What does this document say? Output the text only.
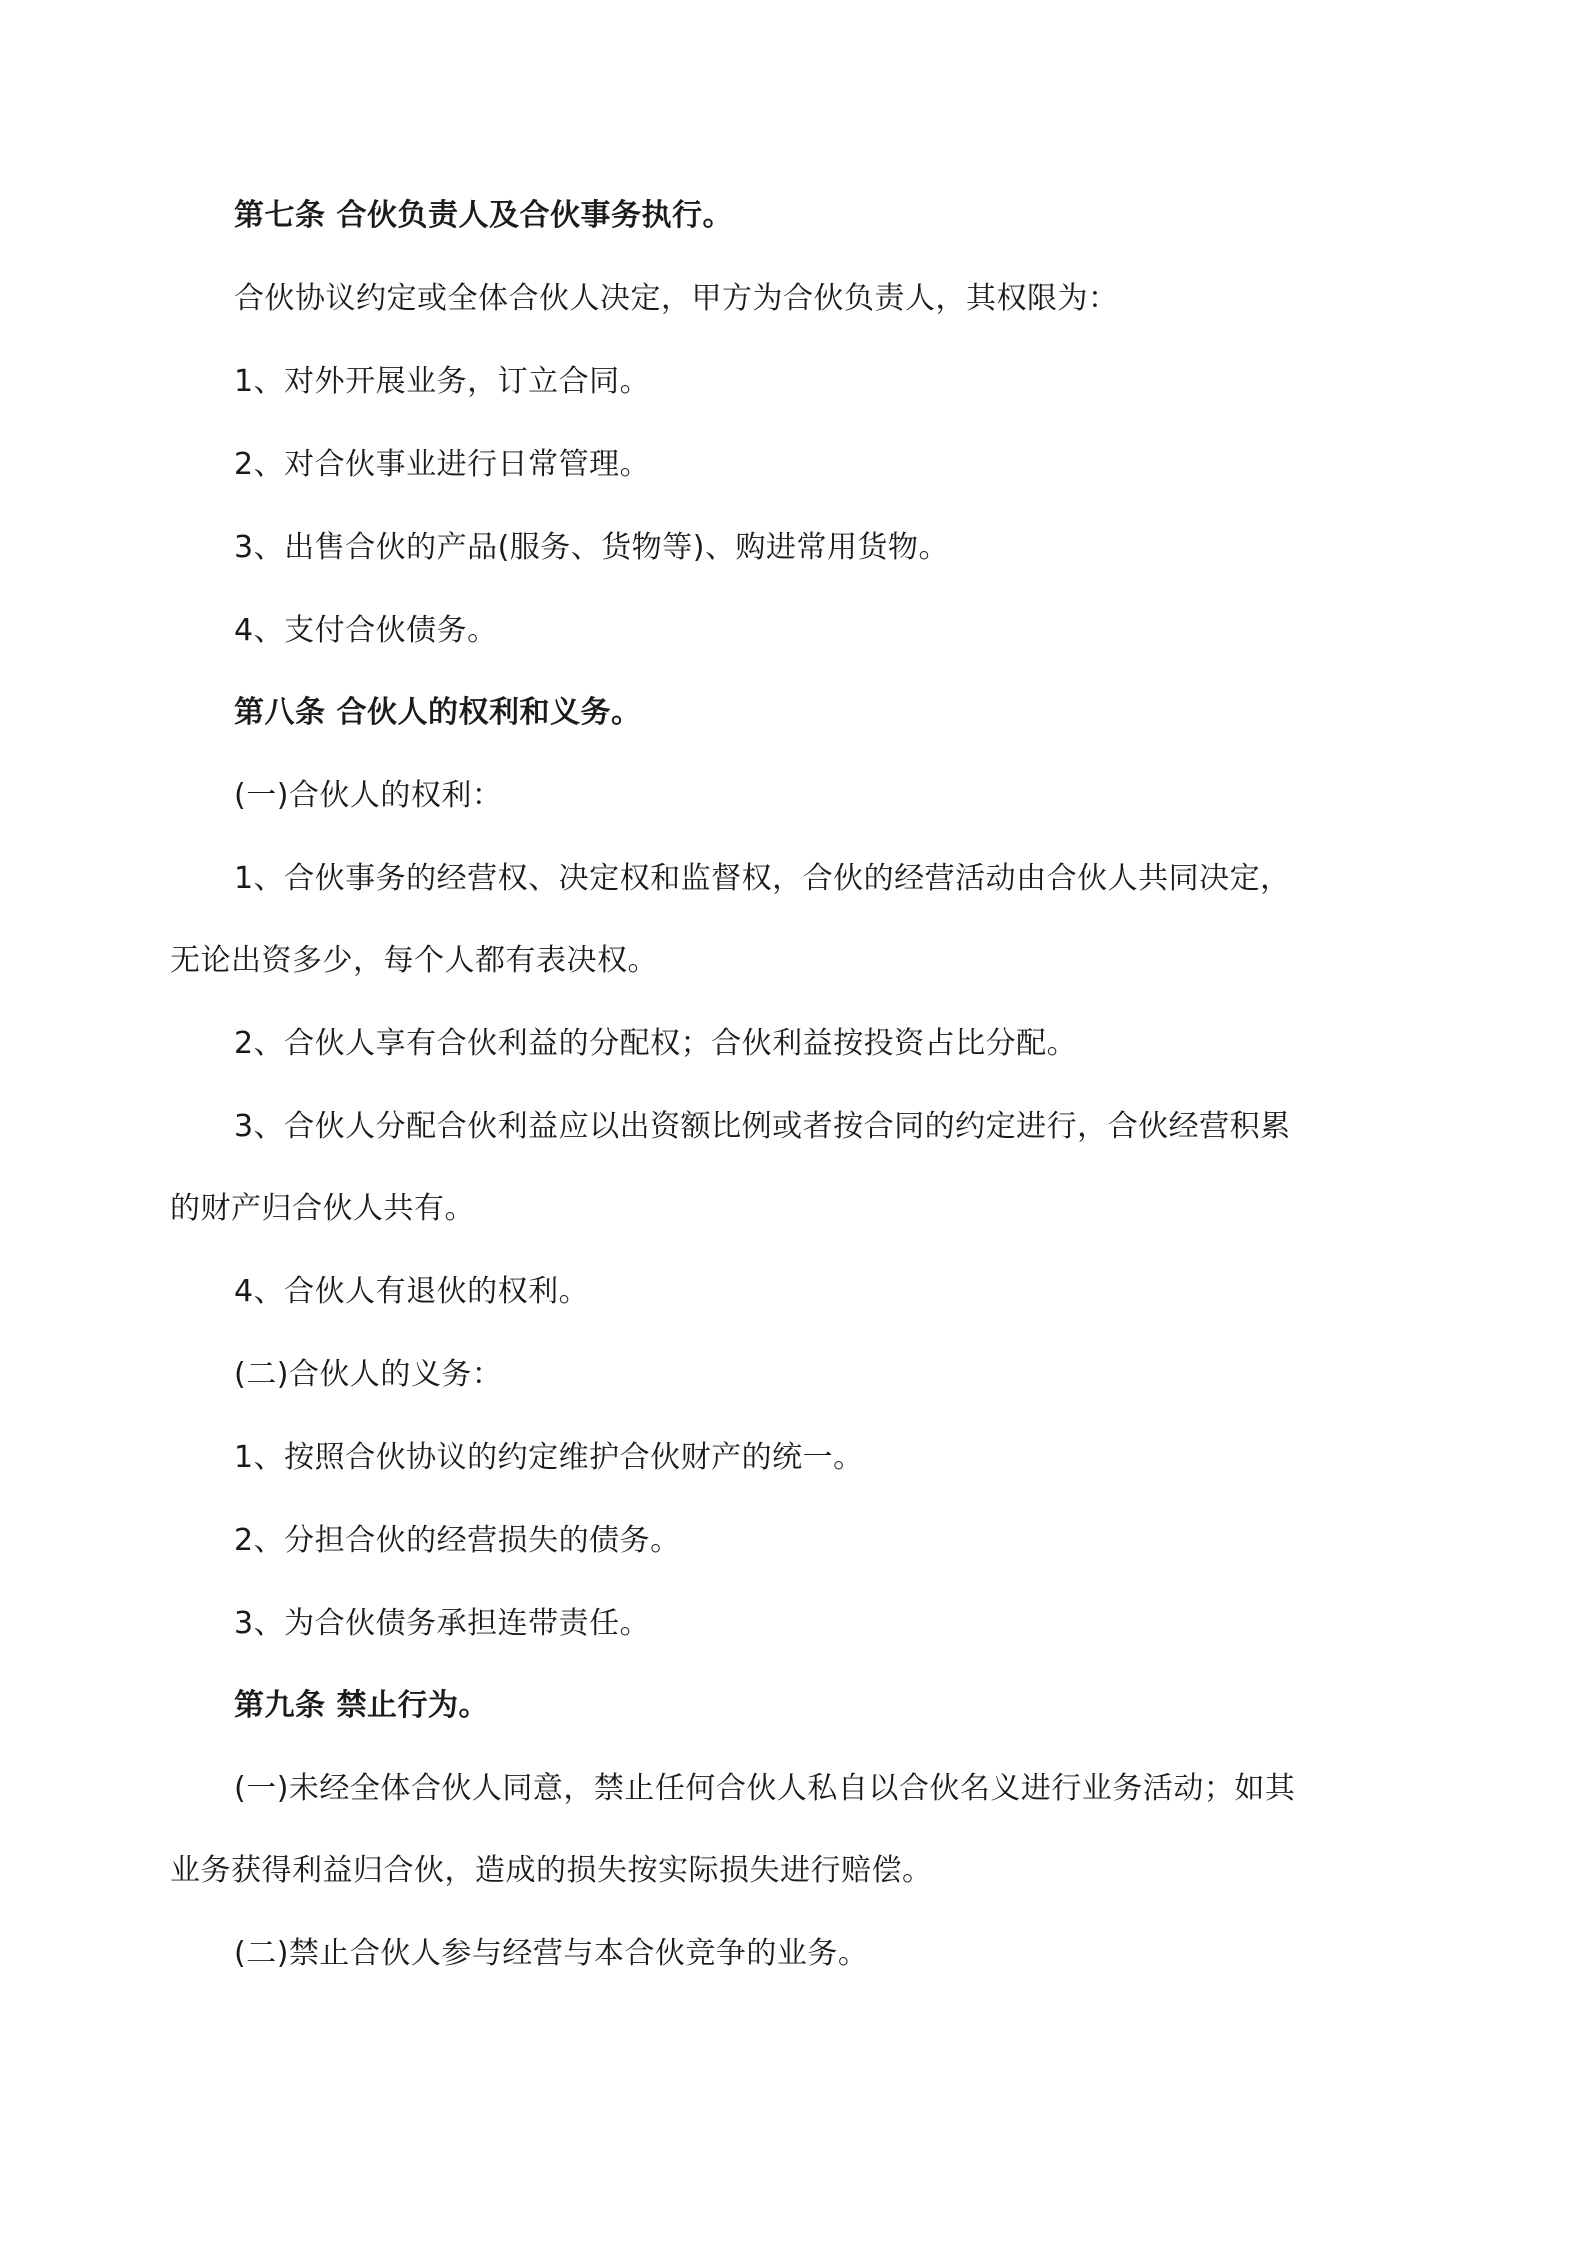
第七条 合伙负责人及合伙事务执行。
合伙协议约定或全体合伙人决定，甲方为合伙负责人，其权限为：
1、对外开展业务，订立合同。
2、对合伙事业进行日常管理。
3、出售合伙的产品(服务、货物等)、购进常用货物。
4、支付合伙债务。
第八条 合伙人的权利和义务。
(一)合伙人的权利：
1、合伙事务的经营权、决定权和监督权，合伙的经营活动由合伙人共同决定，
无论出资多少，每个人都有表决权。
2、合伙人享有合伙利益的分配权；合伙利益按投资占比分配。
3、合伙人分配合伙利益应以出资额比例或者按合同的约定进行，合伙经营积累
的财产归合伙人共有。
4、合伙人有退伙的权利。
(二)合伙人的义务：
1、按照合伙协议的约定维护合伙财产的统一。
2、分担合伙的经营损失的债务。
3、为合伙债务承担连带责任。
第九条 禁止行为。
(一)未经全体合伙人同意，禁止任何合伙人私自以合伙名义进行业务活动；如其
业务获得利益归合伙，造成的损失按实际损失进行赔偿。
(二)禁止合伙人参与经营与本合伙竞争的业务。
